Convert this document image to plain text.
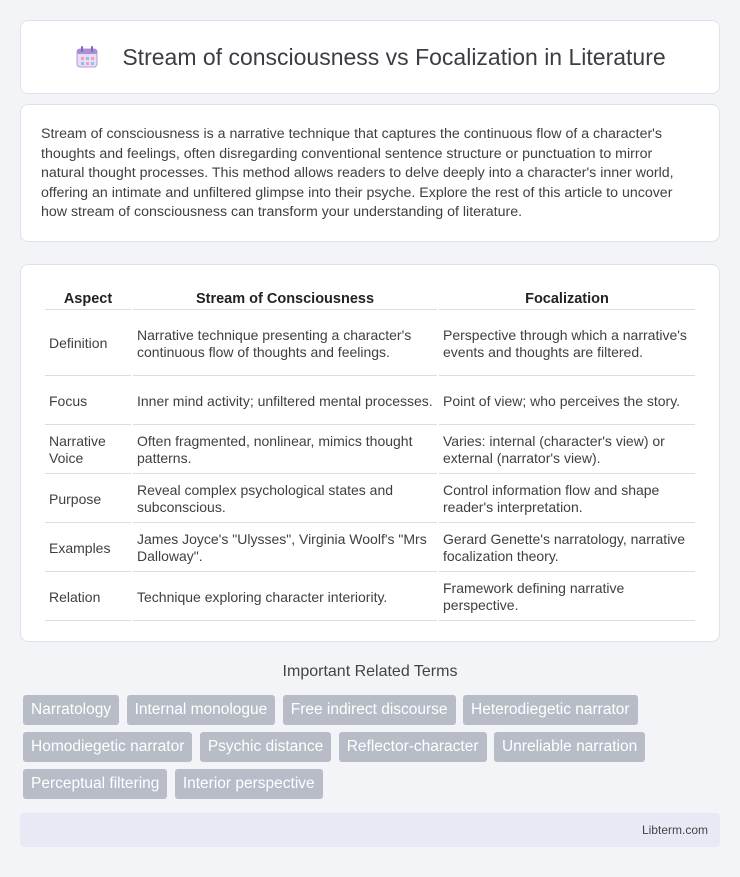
Stream of consciousness vs Focalization in Literature

Stream of consciousness is a narrative technique that captures the continuous flow of a character's thoughts and feelings, often disregarding conventional sentence structure or punctuation to mirror natural thought processes. This method allows readers to delve deeply into a character's inner world, offering an intimate and unfiltered glimpse into their psyche. Explore the rest of this article to uncover how stream of consciousness can transform your understanding of literature.

Aspect	Stream of Consciousness	Focalization
Definition	Narrative technique presenting a character's continuous flow of thoughts and feelings.	Perspective through which a narrative's events and thoughts are filtered.
Focus	Inner mind activity; unfiltered mental processes.	Point of view; who perceives the story.
Narrative Voice	Often fragmented, nonlinear, mimics thought patterns.	Varies: internal (character's view) or external (narrator's view).
Purpose	Reveal complex psychological states and subconscious.	Control information flow and shape reader's interpretation.
Examples	James Joyce's "Ulysses", Virginia Woolf's "Mrs Dalloway".	Gerard Genette's narratology, narrative focalization theory.
Relation	Technique exploring character interiority.	Framework defining narrative perspective.
Important Related Terms
Narratology Internal monologue Free indirect discourse Heterodiegetic narrator Homodiegetic narrator Psychic distance Reflector-character Unreliable narration Perceptual filtering Interior perspective
Libterm.com
